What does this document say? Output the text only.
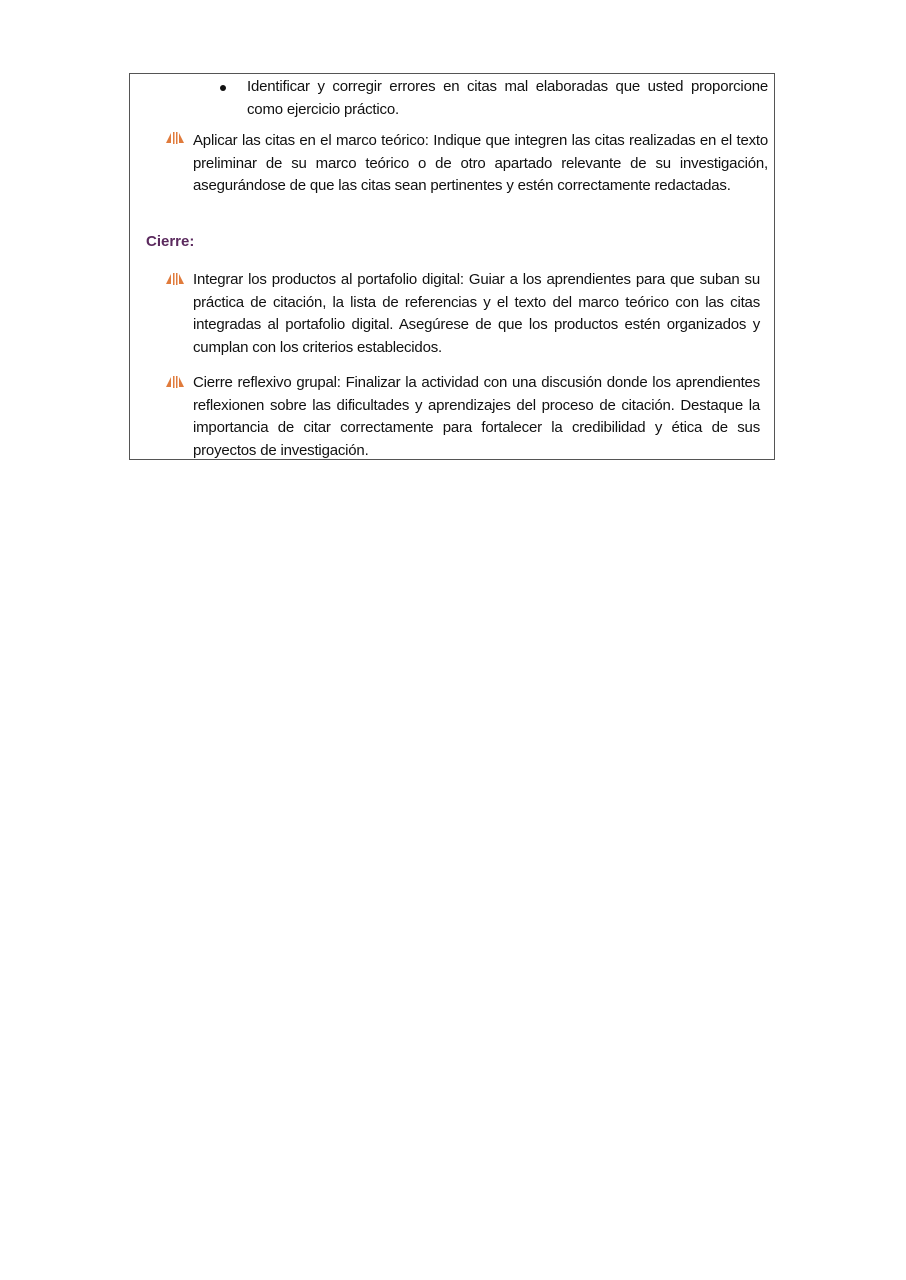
Identificar y corregir errores en citas mal elaboradas que usted proporcione como ejercicio práctico.
Aplicar las citas en el marco teórico: Indique que integren las citas realizadas en el texto preliminar de su marco teórico o de otro apartado relevante de su investigación, asegurándose de que las citas sean pertinentes y estén correctamente redactadas.
Cierre:
Integrar los productos al portafolio digital: Guiar a los aprendientes para que suban su práctica de citación, la lista de referencias y el texto del marco teórico con las citas integradas al portafolio digital. Asegúrese de que los productos estén organizados y cumplan con los criterios establecidos.
Cierre reflexivo grupal: Finalizar la actividad con una discusión donde los aprendientes reflexionen sobre las dificultades y aprendizajes del proceso de citación. Destaque la importancia de citar correctamente para fortalecer la credibilidad y ética de sus proyectos de investigación.
